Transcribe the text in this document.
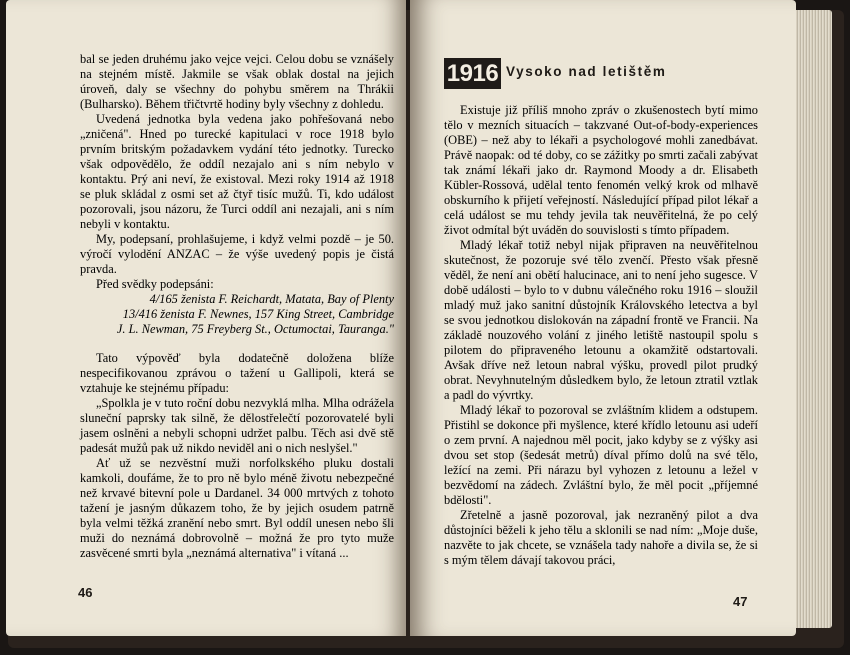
bal se jeden druhému jako vejce vejci. Celou dobu se vznášely na stejném místě. Jakmile se však oblak dostal na jejich úroveň, daly se všechny do pohybu směrem na Thrákii (Bulharsko). Během třičtvrtě hodiny byly všechny z dohledu.

Uvedená jednotka byla vedena jako pohřešovaná nebo „zničená". Hned po turecké kapitulaci v roce 1918 bylo prvním britským požadavkem vydání této jednotky. Turecko však odpovědělo, že oddíl nezajalo ani s ním nebylo v kontaktu. Prý ani neví, že existoval. Mezi roky 1914 až 1918 se pluk skládal z osmi set až čtyř tisíc mužů. Ti, kdo událost pozorovali, jsou názoru, že Turci oddíl ani nezajali, ani s ním nebyli v kontaktu.

My, podepsaní, prohlašujeme, i když velmi pozdě – je 50. výročí vylodění ANZAC – že výše uvedený popis je čistá pravda.

Před svědky podepsáni:

4/165 ženista F. Reichardt, Matata, Bay of Plenty

13/416 ženista F. Newnes, 157 King Street, Cambridge

J. L. Newman, 75 Freyberg St., Octumoctai, Tauranga."

Tato výpověď byla dodatečně doložena blíže nespecifikovanou zprávou o tažení u Gallipoli, která se vztahuje ke stejnému případu:

„Spolkla je v tuto roční dobu nezvyklá mlha. Mlha odrážela sluneční paprsky tak silně, že dělostřelečtí pozorovatelé byli jasem oslněni a nebyli schopni udržet palbu. Těch asi dvě stě padesát mužů pak už nikdo neviděl ani o nich neslyšel."

Ať už se nezvěstní muži norfolkského pluku dostali kamkoli, doufáme, že to pro ně bylo méně životu nebezpečné než krvavé bitevní pole u Dardanel. 34 000 mrtvých z tohoto tažení je jasným důkazem toho, že by jejich osudem patrně byla velmi těžká zranění nebo smrt. Byl oddíl unesen nebo šli muži do neznámá dobrovolně – možná že pro tyto muže zasvěcené smrti byla „neznámá alternativa" i vítaná ...

46
1916 Vysoko nad letištěm

Existuje již příliš mnoho zpráv o zkušenostech bytí mimo tělo v mezních situacích – takzvané Out-of-body-experiences (OBE) – než aby to lékaři a psychologové mohli zanedbávat. Právě naopak: od té doby, co se zážitky po smrti začali zabývat tak známí lékaři jako dr. Raymond Moody a dr. Elisabeth Kübler-Rossová, udělal tento fenomén velký krok od mlhavě obskurního k přijetí veřejností. Následující případ pilot lékař a celá událost se mu tehdy jevila tak neuvěřitelná, že po celý život odmítal být uváděn do souvislosti s tímto případem.

Mladý lékař totiž nebyl nijak připraven na neuvěřitelnou skutečnost, že pozoruje své tělo zvenčí. Přesto však přesně věděl, že není ani obětí halucinace, ani to není jeho sugesce. V době události – bylo to v dubnu válečného roku 1916 – sloužil mladý muž jako sanitní důstojník Královského letectva a byl se svou jednotkou dislokován na západní frontě ve Francii. Na základě nouzového volání z jiného letiště nastoupil spolu s pilotem do připraveného letounu a okamžitě odstartovali. Avšak dříve než letoun nabral výšku, provedl pilot prudký obrat. Nevyhnutelným důsledkem bylo, že letoun ztratil vztlak a padl do vývrtky.

Mladý lékař to pozoroval se zvláštním klidem a odstupem. Přistihl se dokonce při myšlence, které křídlo letounu asi udeří o zem první. A najednou měl pocit, jako kdyby se z výšky asi dvou set stop (šedesát metrů) díval přímo dolů na své tělo, ležící na zemi. Při nárazu byl vyhozen z letounu a ležel v bezvědomí na zádech. Zvláštní bylo, že měl pocit „příjemné bdělosti".

Zřetelně a jasně pozoroval, jak nezraněný pilot a dva důstojníci běželi k jeho tělu a sklonili se nad ním: „Moje duše, nazvěte to jak chcete, se vznášela tady nahoře a divila se, že si s mým tělem dávají takovou práci,

47
